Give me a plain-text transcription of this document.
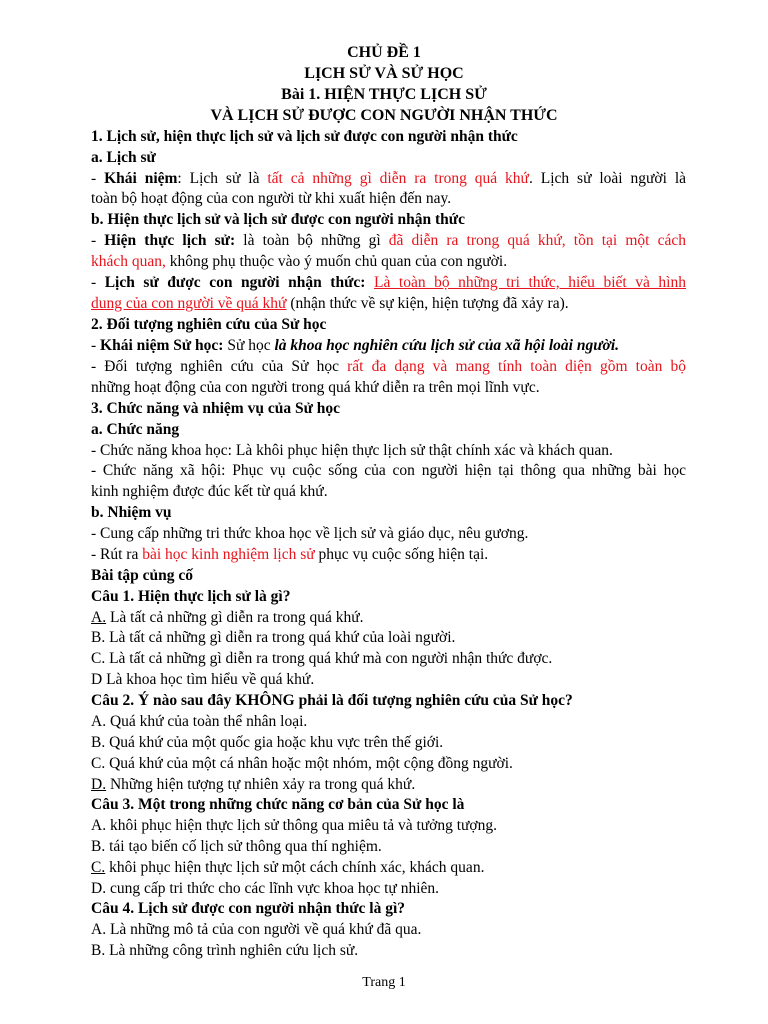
CHỦ ĐỀ 1
LỊCH SỬ VÀ SỬ HỌC
Bài 1. HIỆN THỰC LỊCH SỬ
VÀ LỊCH SỬ ĐƯỢC CON NGƯỜI NHẬN THỨC
1. Lịch sử, hiện thực lịch sử và lịch sử được con người nhận thức
a. Lịch sử
- Khái niệm: Lịch sử là tất cả những gì diễn ra trong quá khứ. Lịch sử loài người là
toàn bộ hoạt động của con người từ khi xuất hiện đến nay.
b. Hiện thực lịch sử và lịch sử được con người nhận thức
- Hiện thực lịch sử: là toàn bộ những gì đã diễn ra trong quá khứ, tồn tại một cách
khách quan, không phụ thuộc vào ý muốn chủ quan của con người.
- Lịch sử được con người nhận thức: Là toàn bộ những tri thức, hiểu biết và hình
dung của con người về quá khứ (nhận thức về sự kiện, hiện tượng đã xảy ra).
2. Đối tượng nghiên cứu của Sử học
- Khái niệm Sử học: Sử học là khoa học nghiên cứu lịch sử của xã hội loài người.
- Đối tượng nghiên cứu của Sử học rất đa dạng và mang tính toàn diện gồm toàn bộ
những hoạt động của con người trong quá khứ diễn ra trên mọi lĩnh vực.
3. Chức năng và nhiệm vụ của Sử học
a. Chức năng
- Chức năng khoa học: Là khôi phục hiện thực lịch sử thật chính xác và khách quan.
- Chức năng xã hội: Phục vụ cuộc sống của con người hiện tại thông qua những bài học
kinh nghiệm được đúc kết từ quá khứ.
b. Nhiệm vụ
- Cung cấp những tri thức khoa học về lịch sử và giáo dục, nêu gương.
- Rút ra bài học kinh nghiệm lịch sử phục vụ cuộc sống hiện tại.
Bài tập củng cố
Câu 1. Hiện thực lịch sử là gì?
A. Là tất cả những gì diễn ra trong quá khứ.
B. Là tất cả những gì diễn ra trong quá khứ của loài người.
C. Là tất cả những gì diễn ra trong quá khứ mà con người nhận thức được.
D Là khoa học tìm hiểu về quá khứ.
Câu 2. Ý nào sau đây KHÔNG phải là đối tượng nghiên cứu của Sử học?
A. Quá khứ của toàn thể nhân loại.
B. Quá khứ của một quốc gia hoặc khu vực trên thế giới.
C. Quá khứ của một cá nhân hoặc một nhóm, một cộng đồng người.
D. Những hiện tượng tự nhiên xảy ra trong quá khứ.
Câu 3. Một trong những chức năng cơ bản của Sử học là
A. khôi phục hiện thực lịch sử thông qua miêu tả và tưởng tượng.
B. tái tạo biến cố lịch sử thông qua thí nghiệm.
C. khôi phục hiện thực lịch sử một cách chính xác, khách quan.
D. cung cấp tri thức cho các lĩnh vực khoa học tự nhiên.
Câu 4. Lịch sử được con người nhận thức là gì?
A. Là những mô tả của con người về quá khứ đã qua.
B. Là những công trình nghiên cứu lịch sử.
Trang 1
